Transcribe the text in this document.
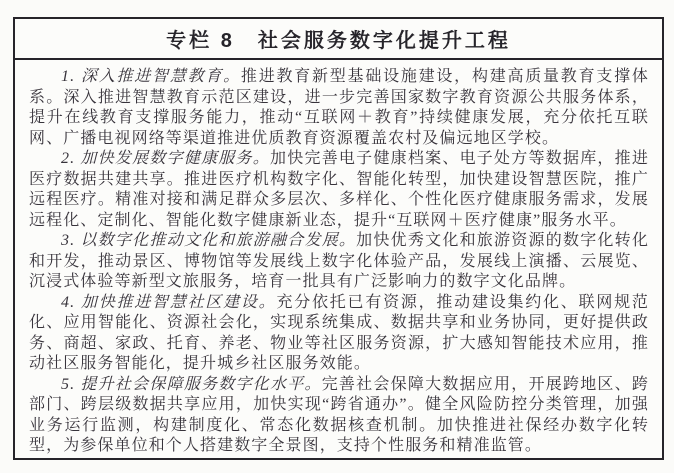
专栏 8　社会服务数字化提升工程

1. 深入推进智慧教育。推进教育新型基础设施建设，构建高质量教育支撑体系。深入推进智慧教育示范区建设，进一步完善国家数字教育资源公共服务体系，提升在线教育支撑服务能力，推动“互联网＋教育”持续健康发展，充分依托互联网、广播电视网络等渠道推进优质教育资源覆盖农村及偏远地区学校。

2. 加快发展数字健康服务。加快完善电子健康档案、电子处方等数据库，推进医疗数据共建共享。推进医疗机构数字化、智能化转型，加快建设智慧医院，推广远程医疗。精准对接和满足群众多层次、多样化、个性化医疗健康服务需求，发展远程化、定制化、智能化数字健康新业态，提升“互联网＋医疗健康”服务水平。

3. 以数字化推动文化和旅游融合发展。加快优秀文化和旅游资源的数字化转化和开发，推动景区、博物馆等发展线上数字化体验产品，发展线上演播、云展览、沉浸式体验等新型文旅服务，培育一批具有广泛影响力的数字文化品牌。

4. 加快推进智慧社区建设。充分依托已有资源，推动建设集约化、联网规范化、应用智能化、资源社会化，实现系统集成、数据共享和业务协同，更好提供政务、商超、家政、托育、养老、物业等社区服务资源，扩大感知智能技术应用，推动社区服务智能化，提升城乡社区服务效能。

5. 提升社会保障服务数字化水平。完善社会保障大数据应用，开展跨地区、跨部门、跨层级数据共享应用，加快实现“跨省通办”。健全风险防控分类管理，加强业务运行监测，构建制度化、常态化数据核查机制。加快推进社保经办数字化转型，为参保单位和个人搭建数字全景图，支持个性服务和精准监管。
